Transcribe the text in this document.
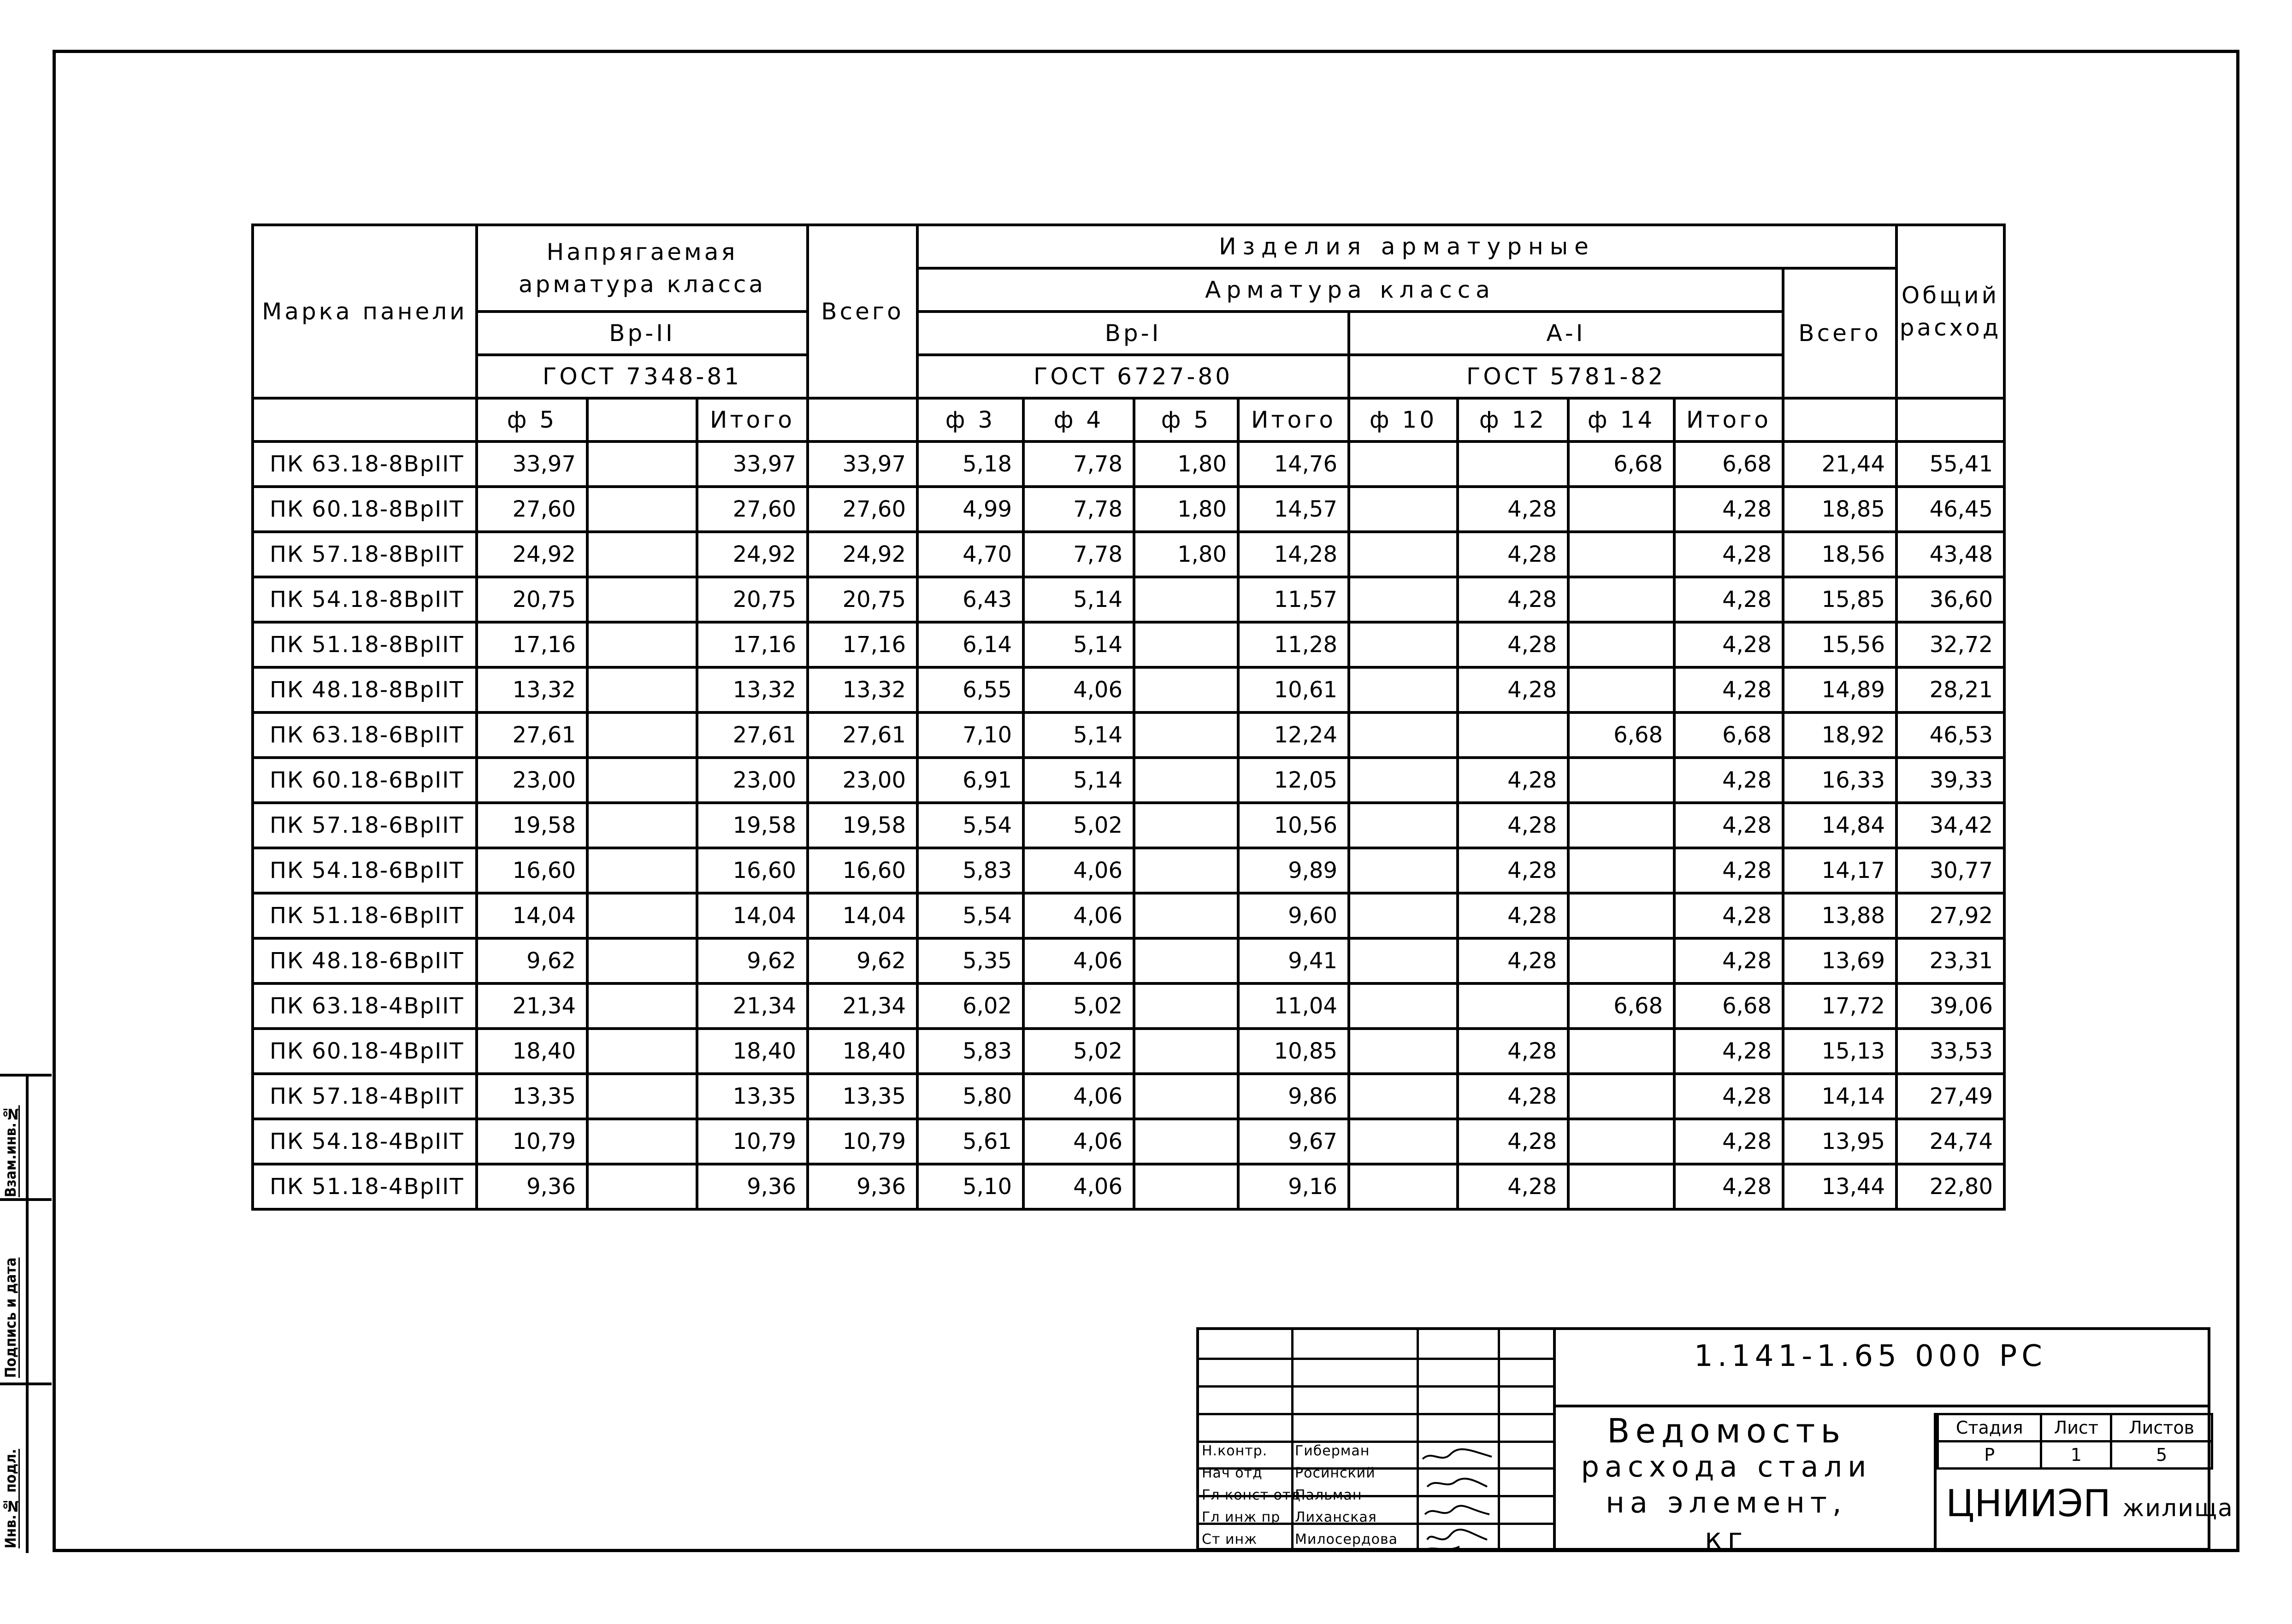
Взам.инв.№
Подпись и дата
Инв.№ подл.
Марка панели	Напрягаемая арматура класса			Всего	Изделия арматурные									Общий расход
					Арматура класса								Всего	
	Вр-II				Вр-I				А-I					
	ГОСТ 7348-81				ГОСТ 6727-80				ГОСТ 5781-82					
	ф 5		Итого		ф 3	ф 4	ф 5	Итого	ф 10	ф 12	ф 14	Итого		
ПК 63.18-8ВрIIТ	33,97		33,97	33,97	5,18	7,78	1,80	14,76			6,68	6,68	21,44	55,41
ПК 60.18-8ВрIIТ	27,60		27,60	27,60	4,99	7,78	1,80	14,57		4,28		4,28	18,85	46,45
ПК 57.18-8ВрIIТ	24,92		24,92	24,92	4,70	7,78	1,80	14,28		4,28		4,28	18,56	43,48
ПК 54.18-8ВрIIТ	20,75		20,75	20,75	6,43	5,14		11,57		4,28		4,28	15,85	36,60
ПК 51.18-8ВрIIТ	17,16		17,16	17,16	6,14	5,14		11,28		4,28		4,28	15,56	32,72
ПК 48.18-8ВрIIТ	13,32		13,32	13,32	6,55	4,06		10,61		4,28		4,28	14,89	28,21
ПК 63.18-6ВрIIТ	27,61		27,61	27,61	7,10	5,14		12,24			6,68	6,68	18,92	46,53
ПК 60.18-6ВрIIТ	23,00		23,00	23,00	6,91	5,14		12,05		4,28		4,28	16,33	39,33
ПК 57.18-6ВрIIТ	19,58		19,58	19,58	5,54	5,02		10,56		4,28		4,28	14,84	34,42
ПК 54.18-6ВрIIТ	16,60		16,60	16,60	5,83	4,06		9,89		4,28		4,28	14,17	30,77
ПК 51.18-6ВрIIТ	14,04		14,04	14,04	5,54	4,06		9,60		4,28		4,28	13,88	27,92
ПК 48.18-6ВрIIТ	9,62		9,62	9,62	5,35	4,06		9,41		4,28		4,28	13,69	23,31
ПК 63.18-4ВрIIТ	21,34		21,34	21,34	6,02	5,02		11,04			6,68	6,68	17,72	39,06
ПК 60.18-4ВрIIТ	18,40		18,40	18,40	5,83	5,02		10,85		4,28		4,28	15,13	33,53
ПК 57.18-4ВрIIТ	13,35		13,35	13,35	5,80	4,06		9,86		4,28		4,28	14,14	27,49
ПК 54.18-4ВрIIТ	10,79		10,79	10,79	5,61	4,06		9,67		4,28		4,28	13,95	24,74
ПК 51.18-4ВрIIТ	9,36		9,36	9,36	5,10	4,06		9,16		4,28		4,28	13,44	22,80
Н.контр. Гиберман
Нач отд Росинский
Гл конст отд
Пальман
Гл инж пр Лиханская
Ст инж	Милосердова
1.141-1.65 000 РС
Ведомость
расхода стали
на элемент, кг
Стадия	Лист	Листов
Р	1	5
ЦНИИЭП жилища
